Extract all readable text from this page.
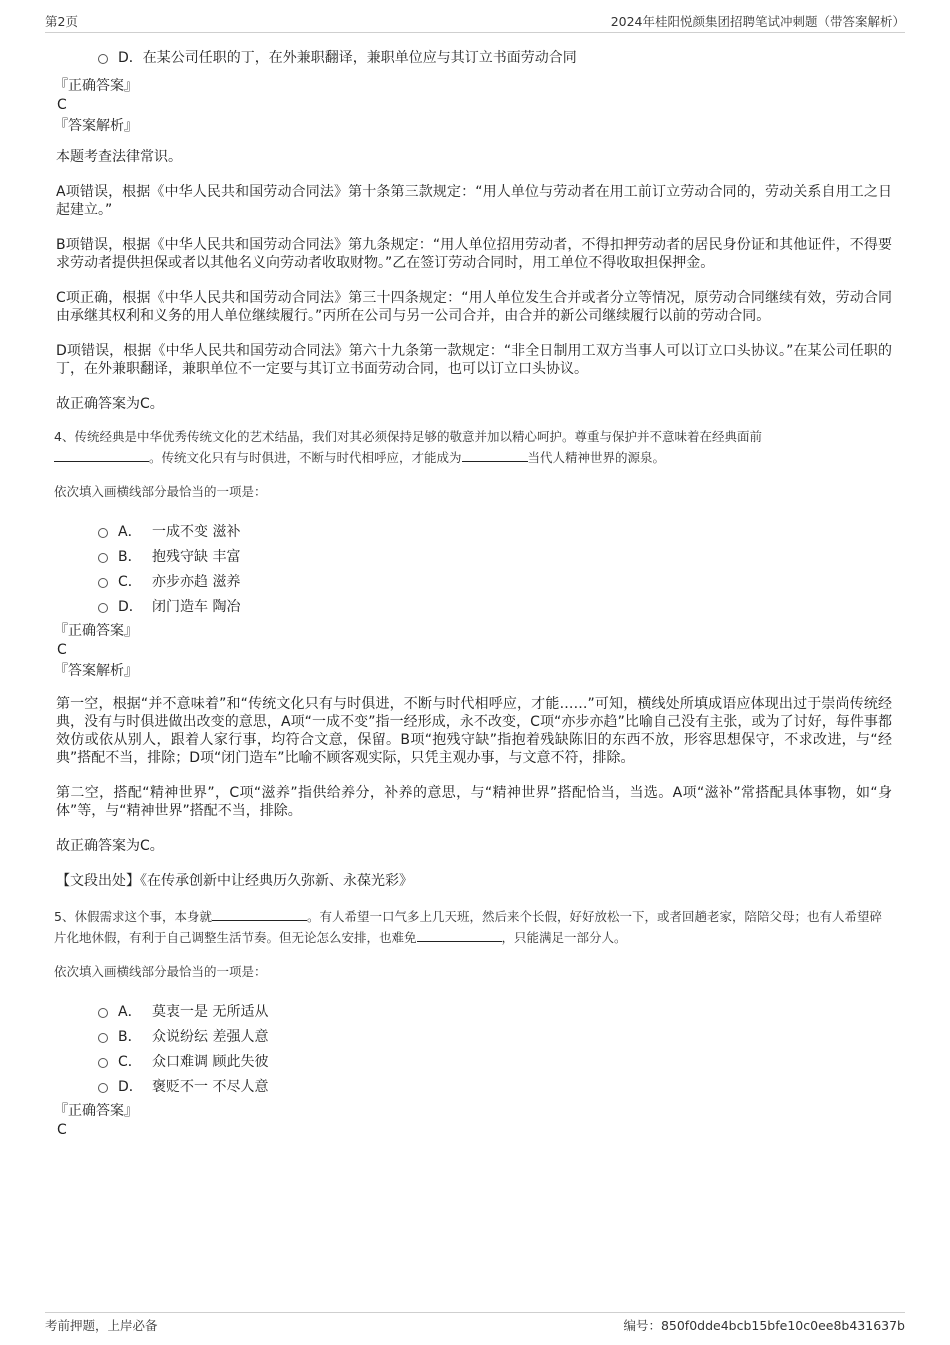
第2页	2024年桂阳悦颜集团招聘笔试冲刺题（带答案解析）
D．在某公司任职的丁，在外兼职翻译，兼职单位应与其订立书面劳动合同
『正确答案』
C
『答案解析』

本题考查法律常识。

A项错误，根据《中华人民共和国劳动合同法》第十条第三款规定：“用人单位与劳动者在用工前订立劳动合同的，劳动关系自用工之日起建立。”

B项错误，根据《中华人民共和国劳动合同法》第九条规定：“用人单位招用劳动者，不得扣押劳动者的居民身份证和其他证件，不得要求劳动者提供担保或者以其他名义向劳动者收取财物。”乙在签订劳动合同时，用工单位不得收取担保押金。

C项正确，根据《中华人民共和国劳动合同法》第三十四条规定：“用人单位发生合并或者分立等情况，原劳动合同继续有效，劳动合同由承继其权利和义务的用人单位继续履行。”丙所在公司与另一公司合并，由合并的新公司继续履行以前的劳动合同。

D项错误，根据《中华人民共和国劳动合同法》第六十九条第一款规定：“非全日制用工双方当事人可以订立口头协议。”在某公司任职的丁，在外兼职翻译，兼职单位不一定要与其订立书面劳动合同，也可以订立口头协议。

故正确答案为C。

4、传统经典是中华优秀传统文化的艺术结晶，我们对其必须保持足够的敬意并加以精心呵护。尊重与保护并不意味着在经典面前
。传统文化只有与时俱进，不断与时代相呼应，才能成为	当代人精神世界的源泉。
依次填入画横线部分最恰当的一项是：
A． 一成不变 滋补
B． 抱残守缺 丰富
C． 亦步亦趋 滋养
D． 闭门造车 陶冶
『正确答案』
C
『答案解析』

第一空，根据“并不意味着”和“传统文化只有与时俱进，不断与时代相呼应，才能……”可知，横线处所填成语应体现出过于崇尚传统经典，没有与时俱进做出改变的意思，A项“一成不变”指一经形成，永不改变，C项“亦步亦趋”比喻自己没有主张，或为了讨好，每件事都效仿或依从别人，跟着人家行事，均符合文意，保留。B项“抱残守缺”指抱着残缺陈旧的东西不放，形容思想保守，不求改进，与“经典”搭配不当，排除；D项“闭门造车”比喻不顾客观实际，只凭主观办事，与文意不符，排除。

第二空，搭配“精神世界”，C项“滋养”指供给养分，补养的意思，与“精神世界”搭配恰当，当选。A项“滋补”常搭配具体事物，如“身体”等，与“精神世界”搭配不当，排除。

故正确答案为C。

【文段出处】《在传承创新中让经典历久弥新、永葆光彩》

5、休假需求这个事，本身就	。有人希望一口气多上几天班，然后来个长假，好好放松一下，或者回趟老家，陪陪父母；也有人希望碎片化地休假，有利于自己调整生活节奏。但无论怎么安排，也难免	，只能满足一部分人。
依次填入画横线部分最恰当的一项是：
A． 莫衷一是 无所适从
B． 众说纷纭 差强人意
C． 众口难调 顾此失彼
D． 褒贬不一 不尽人意
『正确答案』
C
考前押题，上岸必备	编号：850f0dde4bcb15bfe10c0ee8b431637b
